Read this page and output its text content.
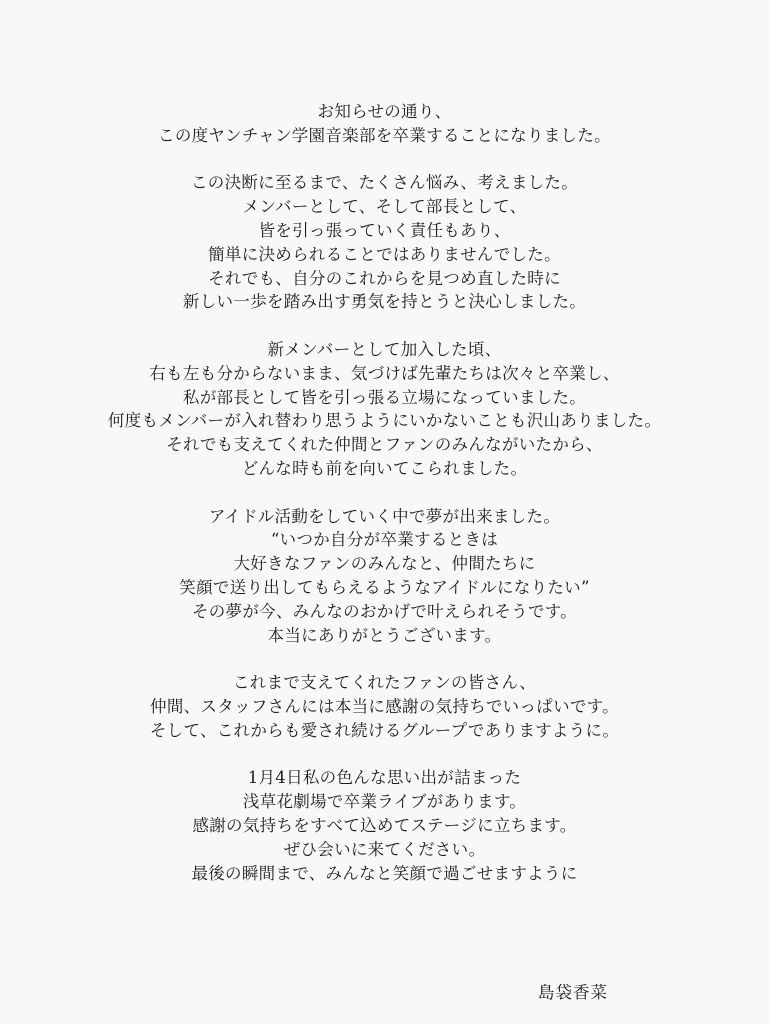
お知らせの通り、
この度ヤンチャン学園音楽部を卒業することになりました。
この決断に至るまで、たくさん悩み、考えました。
メンバーとして、そして部長として、
皆を引っ張っていく責任もあり、
簡単に決められることではありませんでした。
それでも、自分のこれからを見つめ直した時に
新しい一歩を踏み出す勇気を持とうと決心しました。
新メンバーとして加入した頃、
右も左も分からないまま、気づけば先輩たちは次々と卒業し、
私が部長として皆を引っ張る立場になっていました。
何度もメンバーが入れ替わり思うようにいかないことも沢山ありました。
それでも支えてくれた仲間とファンのみんながいたから、
どんな時も前を向いてこられました。
アイドル活動をしていく中で夢が出来ました。
“いつか自分が卒業するときは
大好きなファンのみんなと、仲間たちに
笑顔で送り出してもらえるようなアイドルになりたい”
その夢が今、みんなのおかげで叶えられそうです。
本当にありがとうございます。
これまで支えてくれたファンの皆さん、
仲間、スタッフさんには本当に感謝の気持ちでいっぱいです。
そして、これからも愛され続けるグループでありますように。
1月4日私の色んな思い出が詰まった
浅草花劇場で卒業ライブがあります。
感謝の気持ちをすべて込めてステージに立ちます。
ぜひ会いに来てください。
最後の瞬間まで、みんなと笑顔で過ごせますように
島袋香菜
